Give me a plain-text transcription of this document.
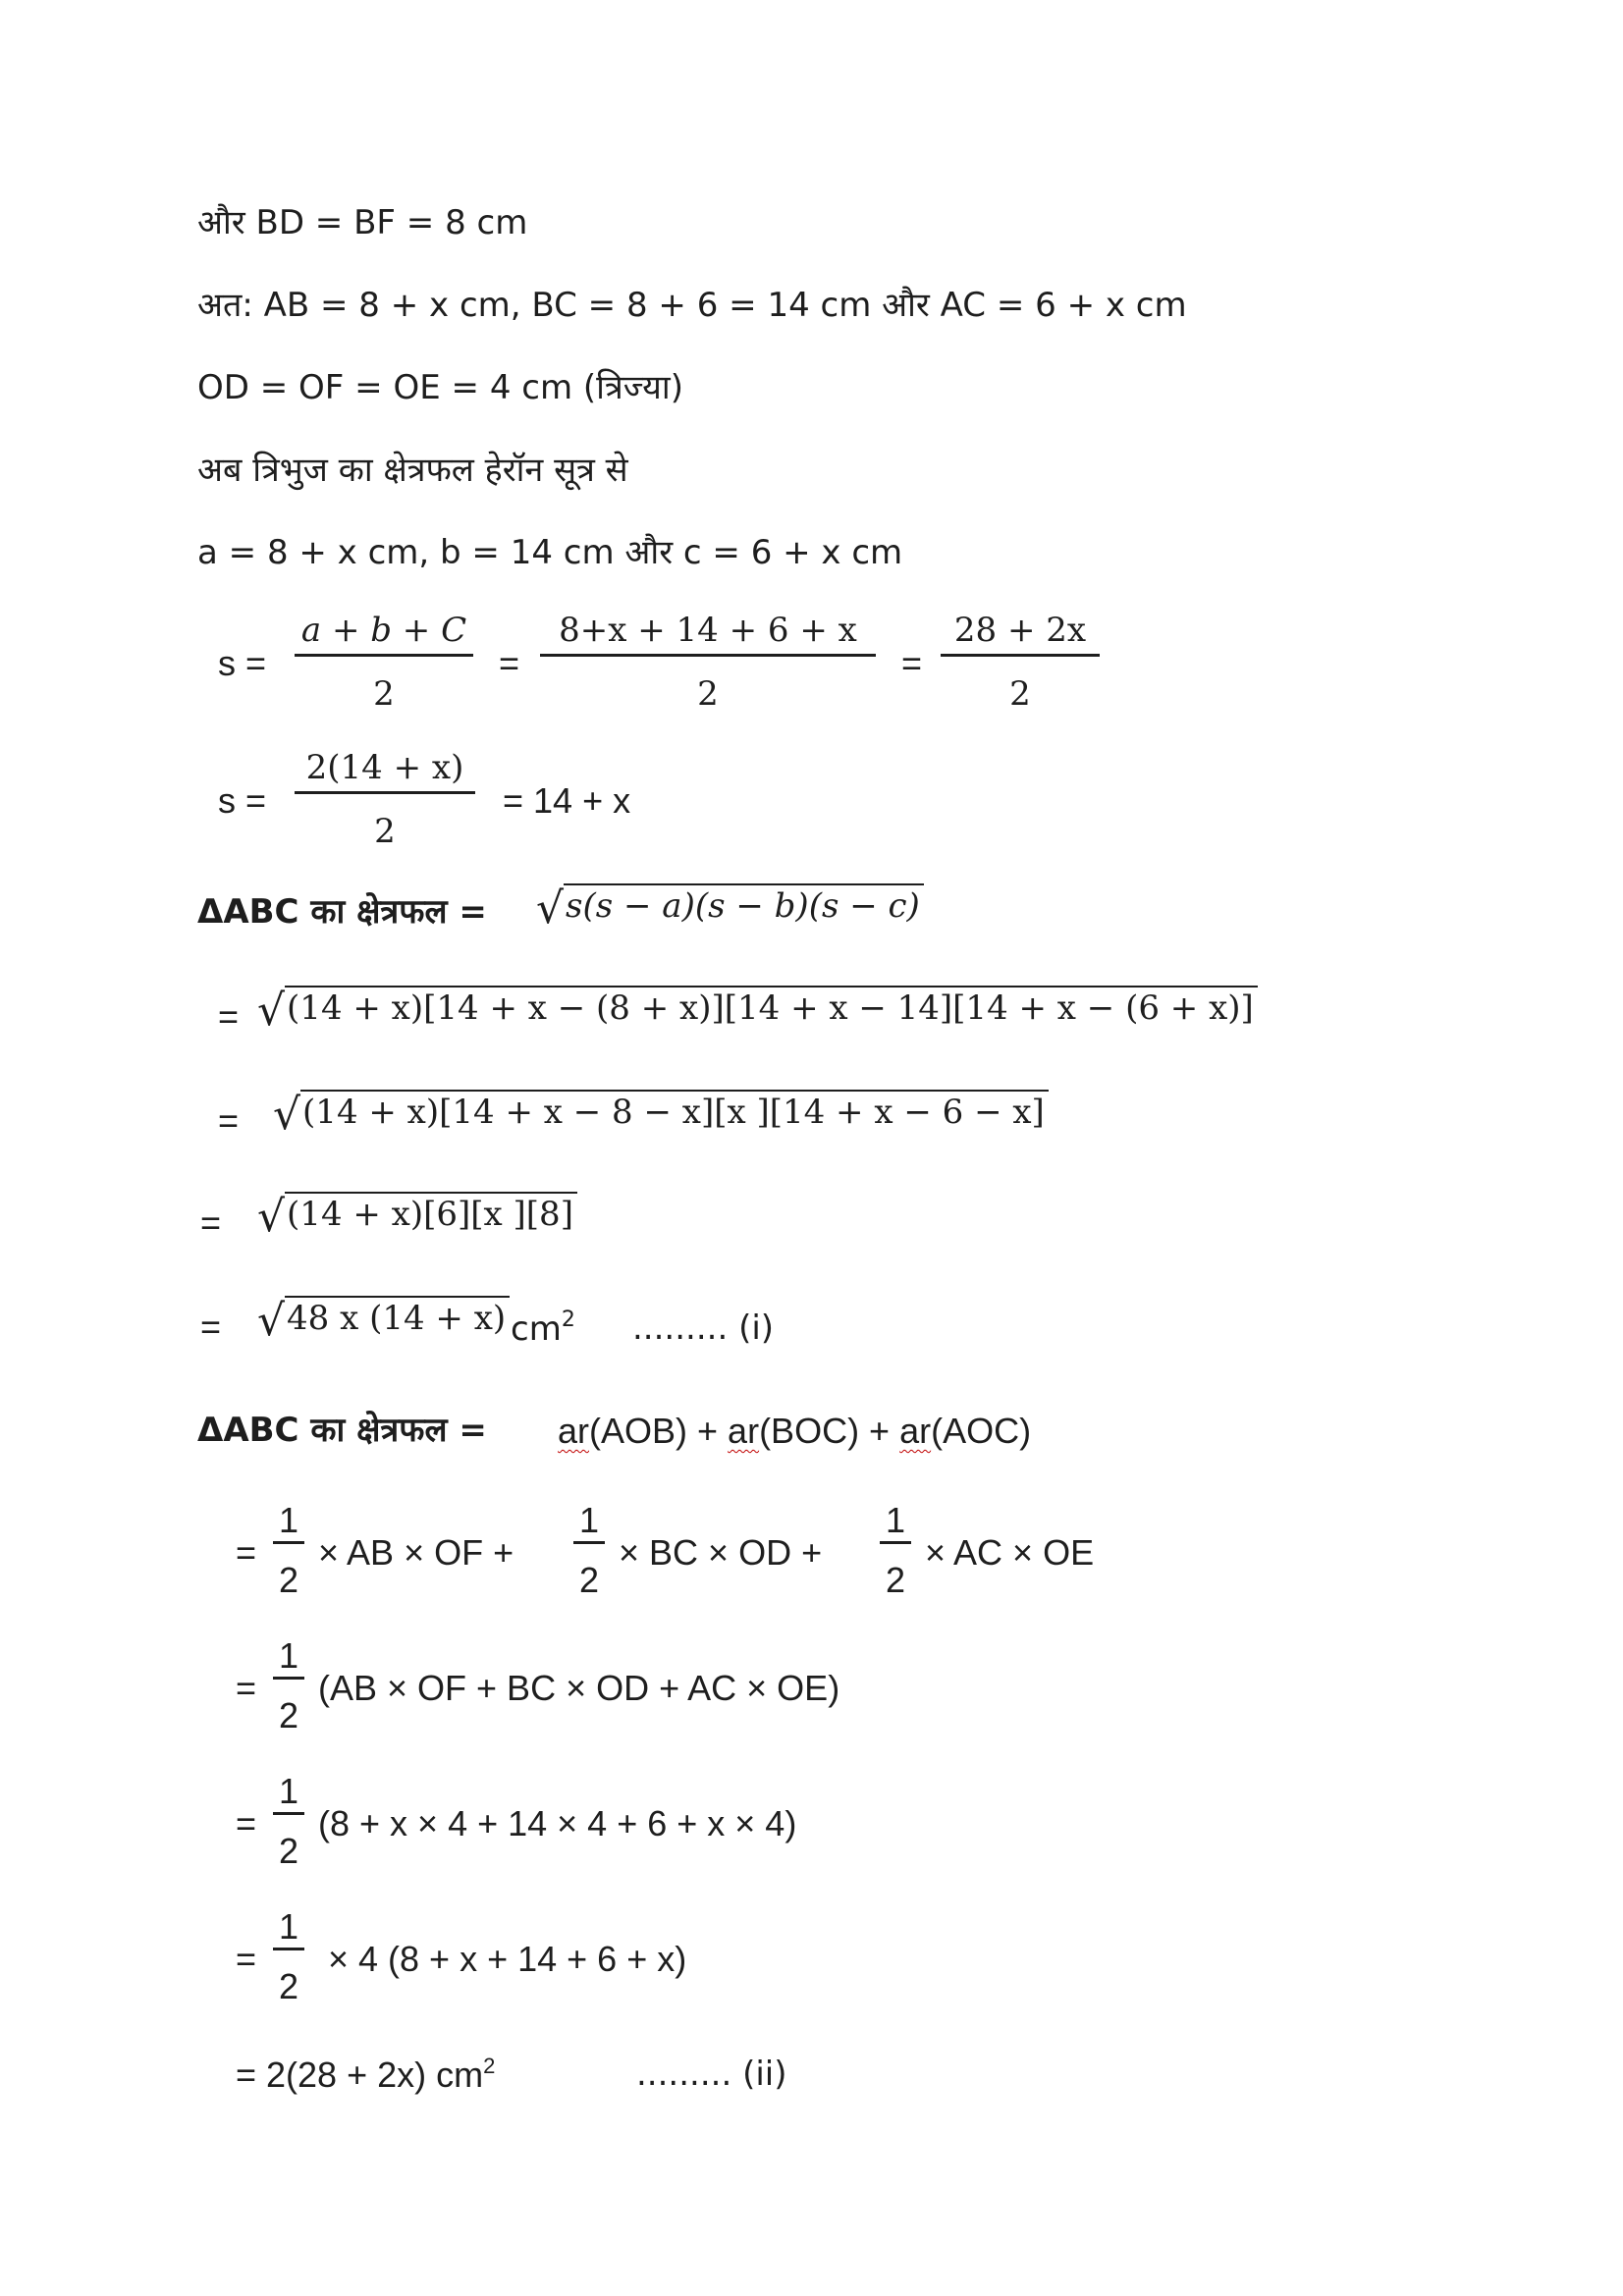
और BD = BF = 8 cm
अत: AB = 8 + x cm, BC = 8 + 6 = 14 cm और AC = 6 + x cm
OD = OF = OE = 4 cm (त्रिज्या)
अब त्रिभुज का क्षेत्रफल हेरॉन सूत्र से
a = 8 + x cm, b = 14 cm और c = 6 + x cm
s =
a + b + C
2
=
8+x + 14 + 6 + x
2
=
28 + 2x
2
s =
2(14 + x)
2
= 14 + x
ΔABC का क्षेत्रफल = √s(s − a)(s − b)(s − c)
= √(14 + x)[14 + x − (8 + x)][14 + x − 14][14 + x − (6 + x)]
= √(14 + x)[14 + x − 8 − x][x ][14 + x − 6 − x]
= √(14 + x)[6][x ][8]
= √48 x (14 + x) $cm^2$ ......... (i)
ΔABC का क्षेत्रफल = ar(AOB) + ar(BOC) + ar(AOC)
=
1
2
× AB × OF +
1
2
× BC × OD +
1
2
× AC × OE
=
1
2
(AB × OF + BC × OD + AC × OE)
=
1
2
(8 + x × 4 + 14 × 4 + 6 + x × 4)
=
1
2
× 4 (8 + x + 14 + 6 + x)
= 2(28 + 2x) $cm^2$	......... (ii)
